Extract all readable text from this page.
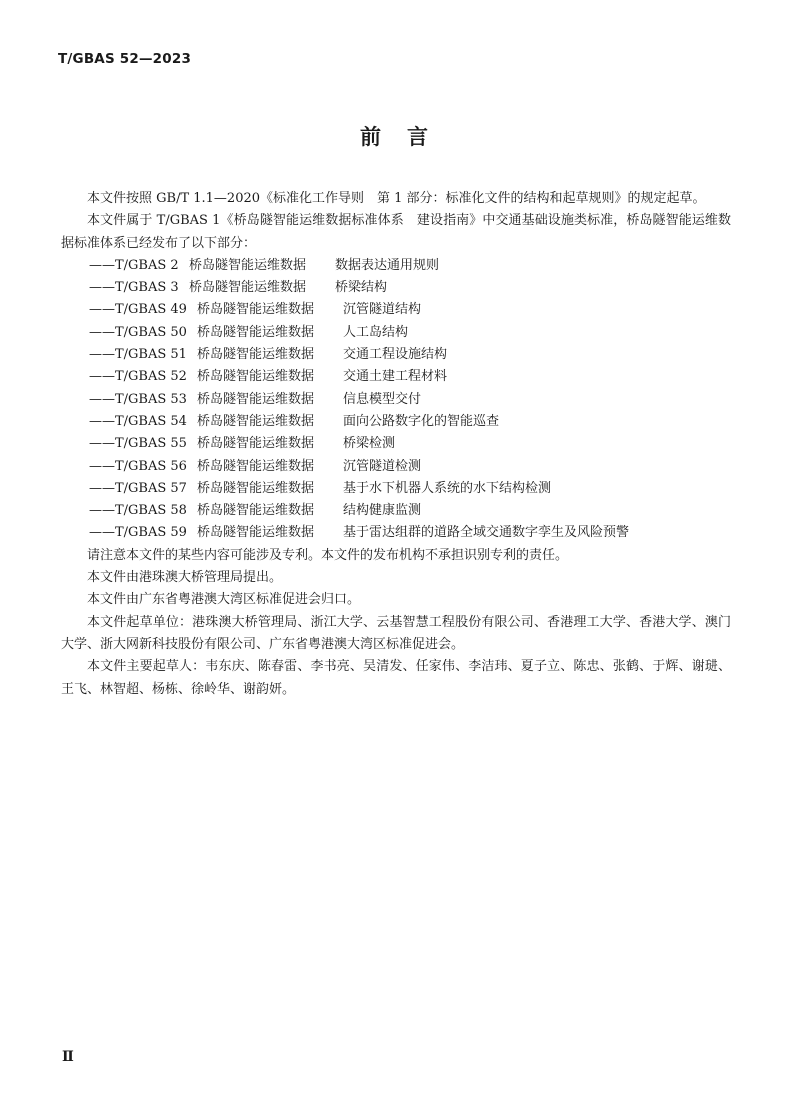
T/GBAS 52—2023
前 言

本文件按照 GB/T 1.1—2020《标准化工作导则　第 1 部分：标准化文件的结构和起草规则》的规定起草。

本文件属于 T/GBAS 1《桥岛隧智能运维数据标准体系　建设指南》中交通基础设施类标准，桥岛隧智能运维数据标准体系已经发布了以下部分：

——T/GBAS 2 桥岛隧智能运维数据 数据表达通用规则

——T/GBAS 3 桥岛隧智能运维数据 桥梁结构

——T/GBAS 49 桥岛隧智能运维数据 沉管隧道结构

——T/GBAS 50 桥岛隧智能运维数据 人工岛结构

——T/GBAS 51 桥岛隧智能运维数据 交通工程设施结构

——T/GBAS 52 桥岛隧智能运维数据 交通土建工程材料

——T/GBAS 53 桥岛隧智能运维数据 信息模型交付

——T/GBAS 54 桥岛隧智能运维数据 面向公路数字化的智能巡查

——T/GBAS 55 桥岛隧智能运维数据 桥梁检测

——T/GBAS 56 桥岛隧智能运维数据 沉管隧道检测

——T/GBAS 57 桥岛隧智能运维数据 基于水下机器人系统的水下结构检测

——T/GBAS 58 桥岛隧智能运维数据 结构健康监测

——T/GBAS 59 桥岛隧智能运维数据 基于雷达组群的道路全域交通数字孪生及风险预警

请注意本文件的某些内容可能涉及专利。本文件的发布机构不承担识别专利的责任。

本文件由港珠澳大桥管理局提出。

本文件由广东省粤港澳大湾区标准促进会归口。

本文件起草单位：港珠澳大桥管理局、浙江大学、云基智慧工程股份有限公司、香港理工大学、香港大学、澳门大学、浙大网新科技股份有限公司、广东省粤港澳大湾区标准促进会。

本文件主要起草人：韦东庆、陈春雷、李书亮、吴清发、任家伟、李洁玮、夏子立、陈忠、张鹤、于辉、谢琎、王飞、林智超、杨栋、徐岭华、谢韵妍。

Ⅱ
